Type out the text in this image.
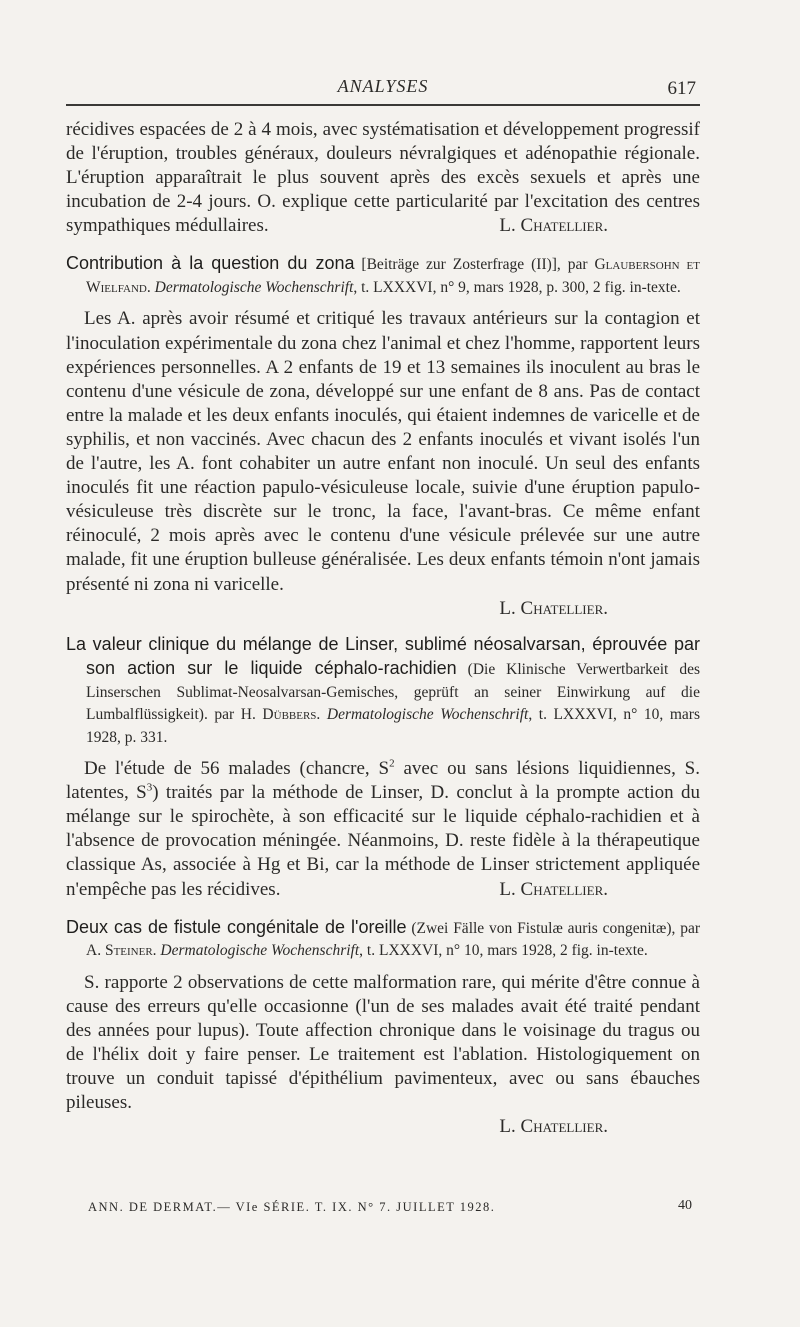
ANALYSES	617

récidives espacées de 2 à 4 mois, avec systématisation et développement progressif de l'éruption, troubles généraux, douleurs névralgiques et adénopathie régionale. L'éruption apparaîtrait le plus souvent après des excès sexuels et après une incubation de 2-4 jours. O. explique cette particularité par l'excitation des centres sympathiques médullaires.	L. Chatellier.

Contribution à la question du zona [Beiträge zur Zosterfrage (II)], par Glaubersohn et Wielfand. Dermatologische Wochenschrift, t. LXXXVI, n° 9, mars 1928, p. 300, 2 fig. in-texte.

Les A. après avoir résumé et critiqué les travaux antérieurs sur la contagion et l'inoculation expérimentale du zona chez l'animal et chez l'homme, rapportent leurs expériences personnelles. A 2 enfants de 19 et 13 semaines ils inoculent au bras le contenu d'une vésicule de zona, développé sur une enfant de 8 ans. Pas de contact entre la malade et les deux enfants inoculés, qui étaient indemnes de varicelle et de syphilis, et non vaccinés. Avec chacun des 2 enfants inoculés et vivant isolés l'un de l'autre, les A. font cohabiter un autre enfant non inoculé. Un seul des enfants inoculés fit une réaction papulo-vésiculeuse locale, suivie d'une éruption papulo-vésiculeuse très discrète sur le tronc, la face, l'avant-bras. Ce même enfant réinoculé, 2 mois après avec le contenu d'une vésicule prélevée sur une autre malade, fit une éruption bulleuse généralisée. Les deux enfants témoin n'ont jamais présenté ni zona ni varicelle.

L. Chatellier.

La valeur clinique du mélange de Linser, sublimé néosalvarsan, éprouvée par son action sur le liquide céphalo-rachidien (Die Klinische Verwertbarkeit des Linserschen Sublimat-Neosalvarsan-Gemisches, geprüft an seiner Einwirkung auf die Lumbalflüssigkeit). par H. Dübbers. Dermatologische Wochenschrift, t. LXXXVI, n° 10, mars 1928, p. 331.

De l'étude de 56 malades (chancre, $S^2$ avec ou sans lésions liquidiennes, S. latentes, $S^3$) traités par la méthode de Linser, D. conclut à la prompte action du mélange sur le spirochète, à son efficacité sur le liquide céphalo-rachidien et à l'absence de provocation méningée. Néanmoins, D. reste fidèle à la thérapeutique classique As, associée à Hg et Bi, car la méthode de Linser strictement appliquée n'empêche pas les récidives.	L. Chatellier.

Deux cas de fistule congénitale de l'oreille (Zwei Fälle von Fistulæ auris congenitæ), par A. Steiner. Dermatologische Wochenschrift, t. LXXXVI, n° 10, mars 1928, 2 fig. in-texte.

S. rapporte 2 observations de cette malformation rare, qui mérite d'être connue à cause des erreurs qu'elle occasionne (l'un de ses malades avait été traité pendant des années pour lupus). Toute affection chronique dans le voisinage du tragus ou de l'hélix doit y faire penser. Le traitement est l'ablation. Histologiquement on trouve un conduit tapissé d'épithélium pavimenteux, avec ou sans ébauches pileuses.

L. Chatellier.
ANN. DE DERMAT.— VIe SÉRIE. T. IX. N° 7. JUILLET 1928.	40
